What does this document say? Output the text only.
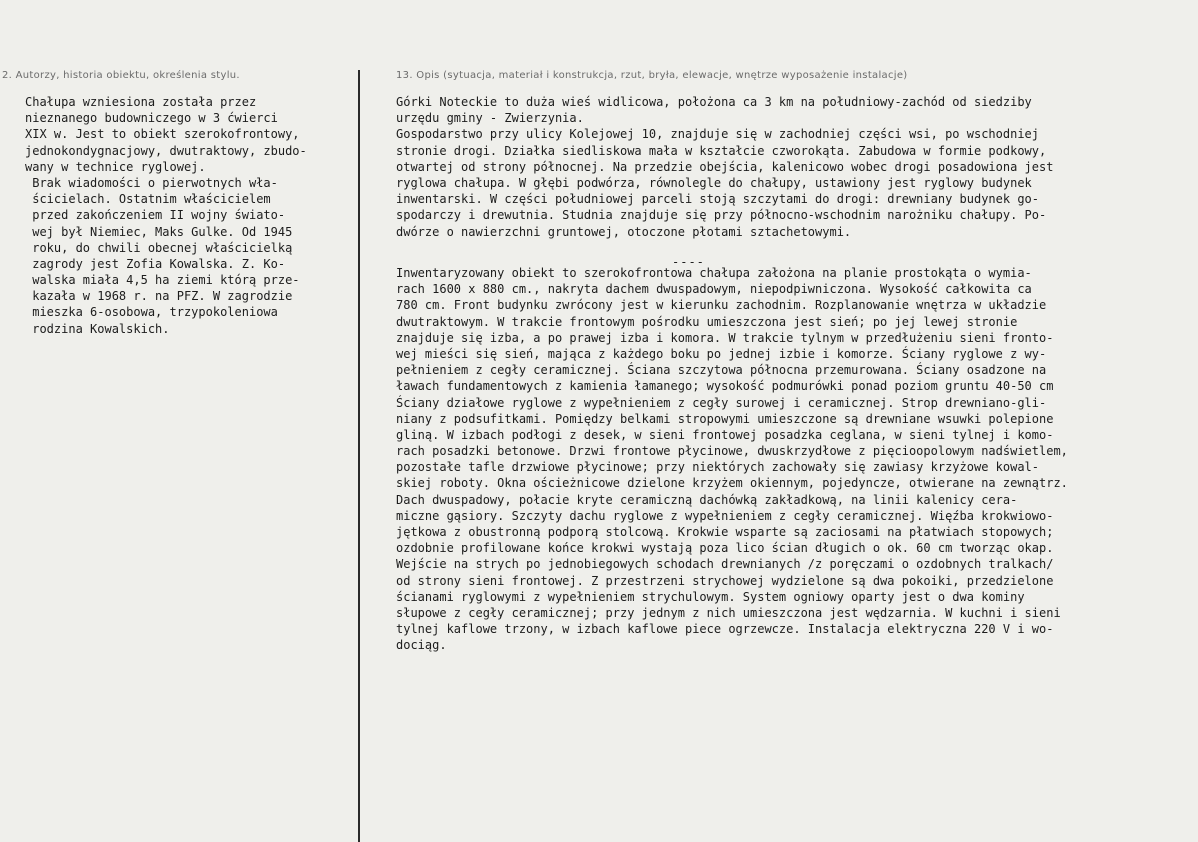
2. Autorzy, historia obiektu, określenia stylu.	13. Opis (sytuacja, materiał i konstrukcja, rzut, bryła, elewacje, wnętrze wyposażenie instalacje)
Chałupa wzniesiona została przez
nieznanego budowniczego w 3 ćwierci
XIX w. Jest to obiekt szerokofrontowy,
jednokondygnacjowy, dwutraktowy, zbudo-
wany w technice ryglowej.
Brak wiadomości o pierwotnych wła-
ścicielach. Ostatnim właścicielem
przed zakończeniem II wojny świato-
wej był Niemiec, Maks Gulke. Od 1945
roku, do chwili obecnej właścicielką
zagrody jest Zofia Kowalska. Z. Ko-
walska miała 4,5 ha ziemi którą prze-
kazała w 1968 r. na PFZ. W zagrodzie
mieszka 6-osobowa, trzypokoleniowa
rodzina Kowalskich.
Górki Noteckie to duża wieś widlicowa, położona ca 3 km na południowy-zachód od siedziby
urzędu gminy - Zwierzynia.
Gospodarstwo przy ulicy Kolejowej 10, znajduje się w zachodniej części wsi, po wschodniej
stronie drogi. Działka siedliskowa mała w kształcie czworokąta. Zabudowa w formie podkowy,
otwartej od strony północnej. Na przedzie obejścia, kalenicowo wobec drogi posadowiona jest
ryglowa chałupa. W głębi podwórza, równolegle do chałupy, ustawiony jest ryglowy budynek
inwentarski. W części południowej parceli stoją szczytami do drogi: drewniany budynek go-
spodarczy i drewutnia. Studnia znajduje się przy północno-wschodnim narożniku chałupy. Po-
dwórze o nawierzchni gruntowej, otoczone płotami sztachetowymi.
----
Inwentaryzowany obiekt to szerokofrontowa chałupa założona na planie prostokąta o wymia-
rach 1600 x 880 cm., nakryta dachem dwuspadowym, niepodpiwniczona. Wysokość całkowita ca
780 cm. Front budynku zwrócony jest w kierunku zachodnim. Rozplanowanie wnętrza w układzie
dwutraktowym. W trakcie frontowym pośrodku umieszczona jest sień; po jej lewej stronie
znajduje się izba, a po prawej izba i komora. W trakcie tylnym w przedłużeniu sieni fronto-
wej mieści się sień, mająca z każdego boku po jednej izbie i komorze. Ściany ryglowe z wy-
pełnieniem z cegły ceramicznej. Ściana szczytowa północna przemurowana. Ściany osadzone na
ławach fundamentowych z kamienia łamanego; wysokość podmurówki ponad poziom gruntu 40-50 cm
Ściany działowe ryglowe z wypełnieniem z cegły surowej i ceramicznej. Strop drewniano-gli-
niany z podsufitkami. Pomiędzy belkami stropowymi umieszczone są drewniane wsuwki polepione
gliną. W izbach podłogi z desek, w sieni frontowej posadzka ceglana, w sieni tylnej i komo-
rach posadzki betonowe. Drzwi frontowe płycinowe, dwuskrzydłowe z pięcioopolowym nadświetlem,
pozostałe tafle drzwiowe płycinowe; przy niektórych zachowały się zawiasy krzyżowe kowal-
skiej roboty. Okna ościeżnicowe dzielone krzyżem okiennym, pojedyncze, otwierane na zewnątrz.
Dach dwuspadowy, połacie kryte ceramiczną dachówką zakładkową, na linii kalenicy cera-
miczne gąsiory. Szczyty dachu ryglowe z wypełnieniem z cegły ceramicznej. Więźba krokwiowo-
jętkowa z obustronną podporą stolcową. Krokwie wsparte są zaciosami na płatwiach stopowych;
ozdobnie profilowane końce krokwi wystają poza lico ścian długich o ok. 60 cm tworząc okap.
Wejście na strych po jednobiegowych schodach drewnianych /z poręczami o ozdobnych tralkach/
od strony sieni frontowej. Z przestrzeni strychowej wydzielone są dwa pokoiki, przedzielone
ścianami ryglowymi z wypełnieniem strychulowym. System ogniowy oparty jest o dwa kominy
słupowe z cegły ceramicznej; przy jednym z nich umieszczona jest wędzarnia. W kuchni i sieni
tylnej kaflowe trzony, w izbach kaflowe piece ogrzewcze. Instalacja elektryczna 220 V i wo-
dociąg.
